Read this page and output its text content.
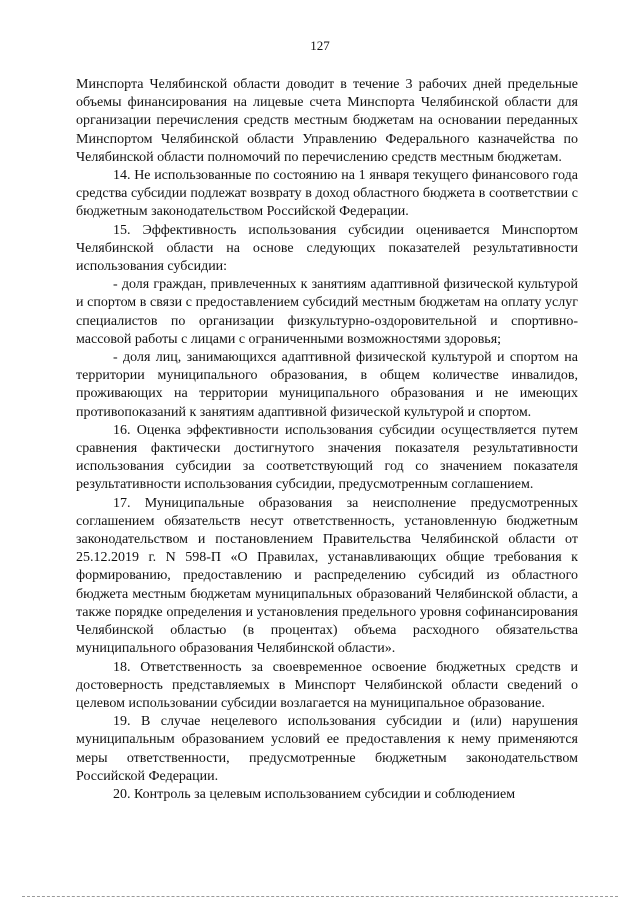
127

Минспорта Челябинской области доводит в течение 3 рабочих дней предельные объемы финансирования на лицевые счета Минспорта Челябинской области для организации перечисления средств местным бюджетам на основании переданных Минспортом Челябинской области Управлению Федерального казначейства по Челябинской области полномочий по перечислению средств местным бюджетам.

14. Не использованные по состоянию на 1 января текущего финансового года средства субсидии подлежат возврату в доход областного бюджета в соответствии с бюджетным законодательством Российской Федерации.

15. Эффективность использования субсидии оценивается Минспортом Челябинской области на основе следующих показателей результативности использования субсидии:

- доля граждан, привлеченных к занятиям адаптивной физической культурой и спортом в связи с предоставлением субсидий местным бюджетам на оплату услуг специалистов по организации физкультурно-оздоровительной и спортивно-массовой работы с лицами с ограниченными возможностями здоровья;

- доля лиц, занимающихся адаптивной физической культурой и спортом на территории муниципального образования, в общем количестве инвалидов, проживающих на территории муниципального образования и не имеющих противопоказаний к занятиям адаптивной физической культурой и спортом.

16. Оценка эффективности использования субсидии осуществляется путем сравнения фактически достигнутого значения показателя результативности использования субсидии за соответствующий год со значением показателя результативности использования субсидии, предусмотренным соглашением.

17. Муниципальные образования за неисполнение предусмотренных соглашением обязательств несут ответственность, установленную бюджетным законодательством и постановлением Правительства Челябинской области от 25.12.2019 г. N 598-П «О Правилах, устанавливающих общие требования к формированию, предоставлению и распределению субсидий из областного бюджета местным бюджетам муниципальных образований Челябинской области, а также порядке определения и установления предельного уровня софинансирования Челябинской областью (в процентах) объема расходного обязательства муниципального образования Челябинской области».

18. Ответственность за своевременное освоение бюджетных средств и достоверность представляемых в Минспорт Челябинской области сведений о целевом использовании субсидии возлагается на муниципальное образование.

19. В случае нецелевого использования субсидии и (или) нарушения муниципальным образованием условий ее предоставления к нему применяются меры ответственности, предусмотренные бюджетным законодательством Российской Федерации.

20. Контроль за целевым использованием субсидии и соблюдением
